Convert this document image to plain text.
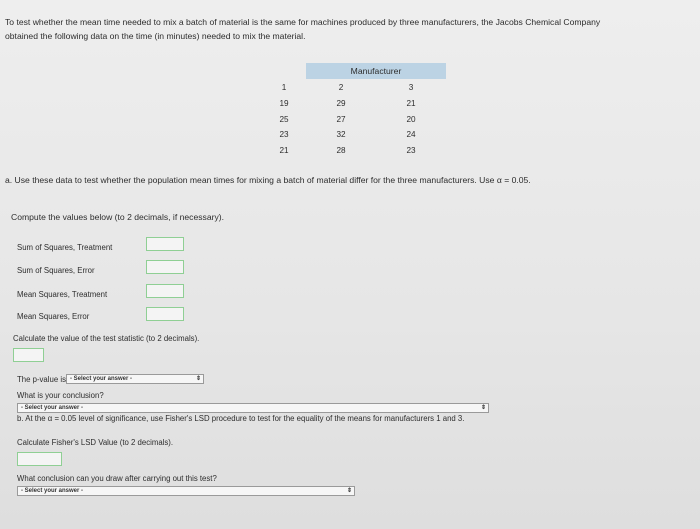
To test whether the mean time needed to mix a batch of material is the same for machines produced by three manufacturers, the Jacobs Chemical Company
obtained the following data on the time (in minutes) needed to mix the material.
	Manufacturer	
1	2	3
19	29	21
25	27	20
23	32	24
21	28	23
a. Use these data to test whether the population mean times for mixing a batch of material differ for the three manufacturers. Use α = 0.05.
Compute the values below (to 2 decimals, if necessary).
Sum of Squares, Treatment
Sum of Squares, Error
Mean Squares, Treatment
Mean Squares, Error
Calculate the value of the test statistic (to 2 decimals).
The p-value is - Select your answer -	⇕
What is your conclusion?
- Select your answer -	⇕
b. At the α = 0.05 level of significance, use Fisher's LSD procedure to test for the equality of the means for manufacturers 1 and 3.
Calculate Fisher's LSD Value (to 2 decimals).
What conclusion can you draw after carrying out this test?
- Select your answer -	⇕
